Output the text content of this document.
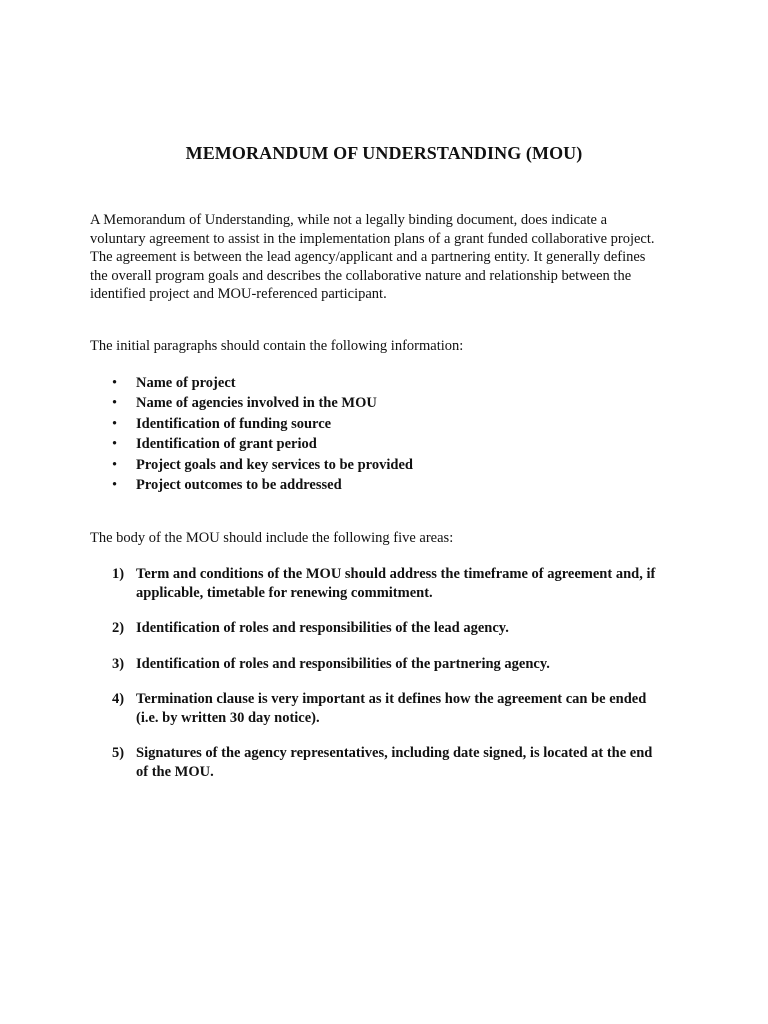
MEMORANDUM OF UNDERSTANDING (MOU)

A Memorandum of Understanding, while not a legally binding document, does indicate a
voluntary agreement to assist in the implementation plans of a grant funded collaborative project.
The agreement is between the lead agency/applicant and a partnering entity. It generally defines
the overall program goals and describes the collaborative nature and relationship between the
identified project and MOU-referenced participant.

The initial paragraphs should contain the following information:

• Name of project
• Name of agencies involved in the MOU
• Identification of funding source
• Identification of grant period
• Project goals and key services to be provided
• Project outcomes to be addressed

The body of the MOU should include the following five areas:

1) Term and conditions of the MOU should address the timeframe of agreement and, if
applicable, timetable for renewing commitment.
2) Identification of roles and responsibilities of the lead agency.
3) Identification of roles and responsibilities of the partnering agency.
4) Termination clause is very important as it defines how the agreement can be ended
(i.e. by written 30 day notice).
5) Signatures of the agency representatives, including date signed, is located at the end
of the MOU.
